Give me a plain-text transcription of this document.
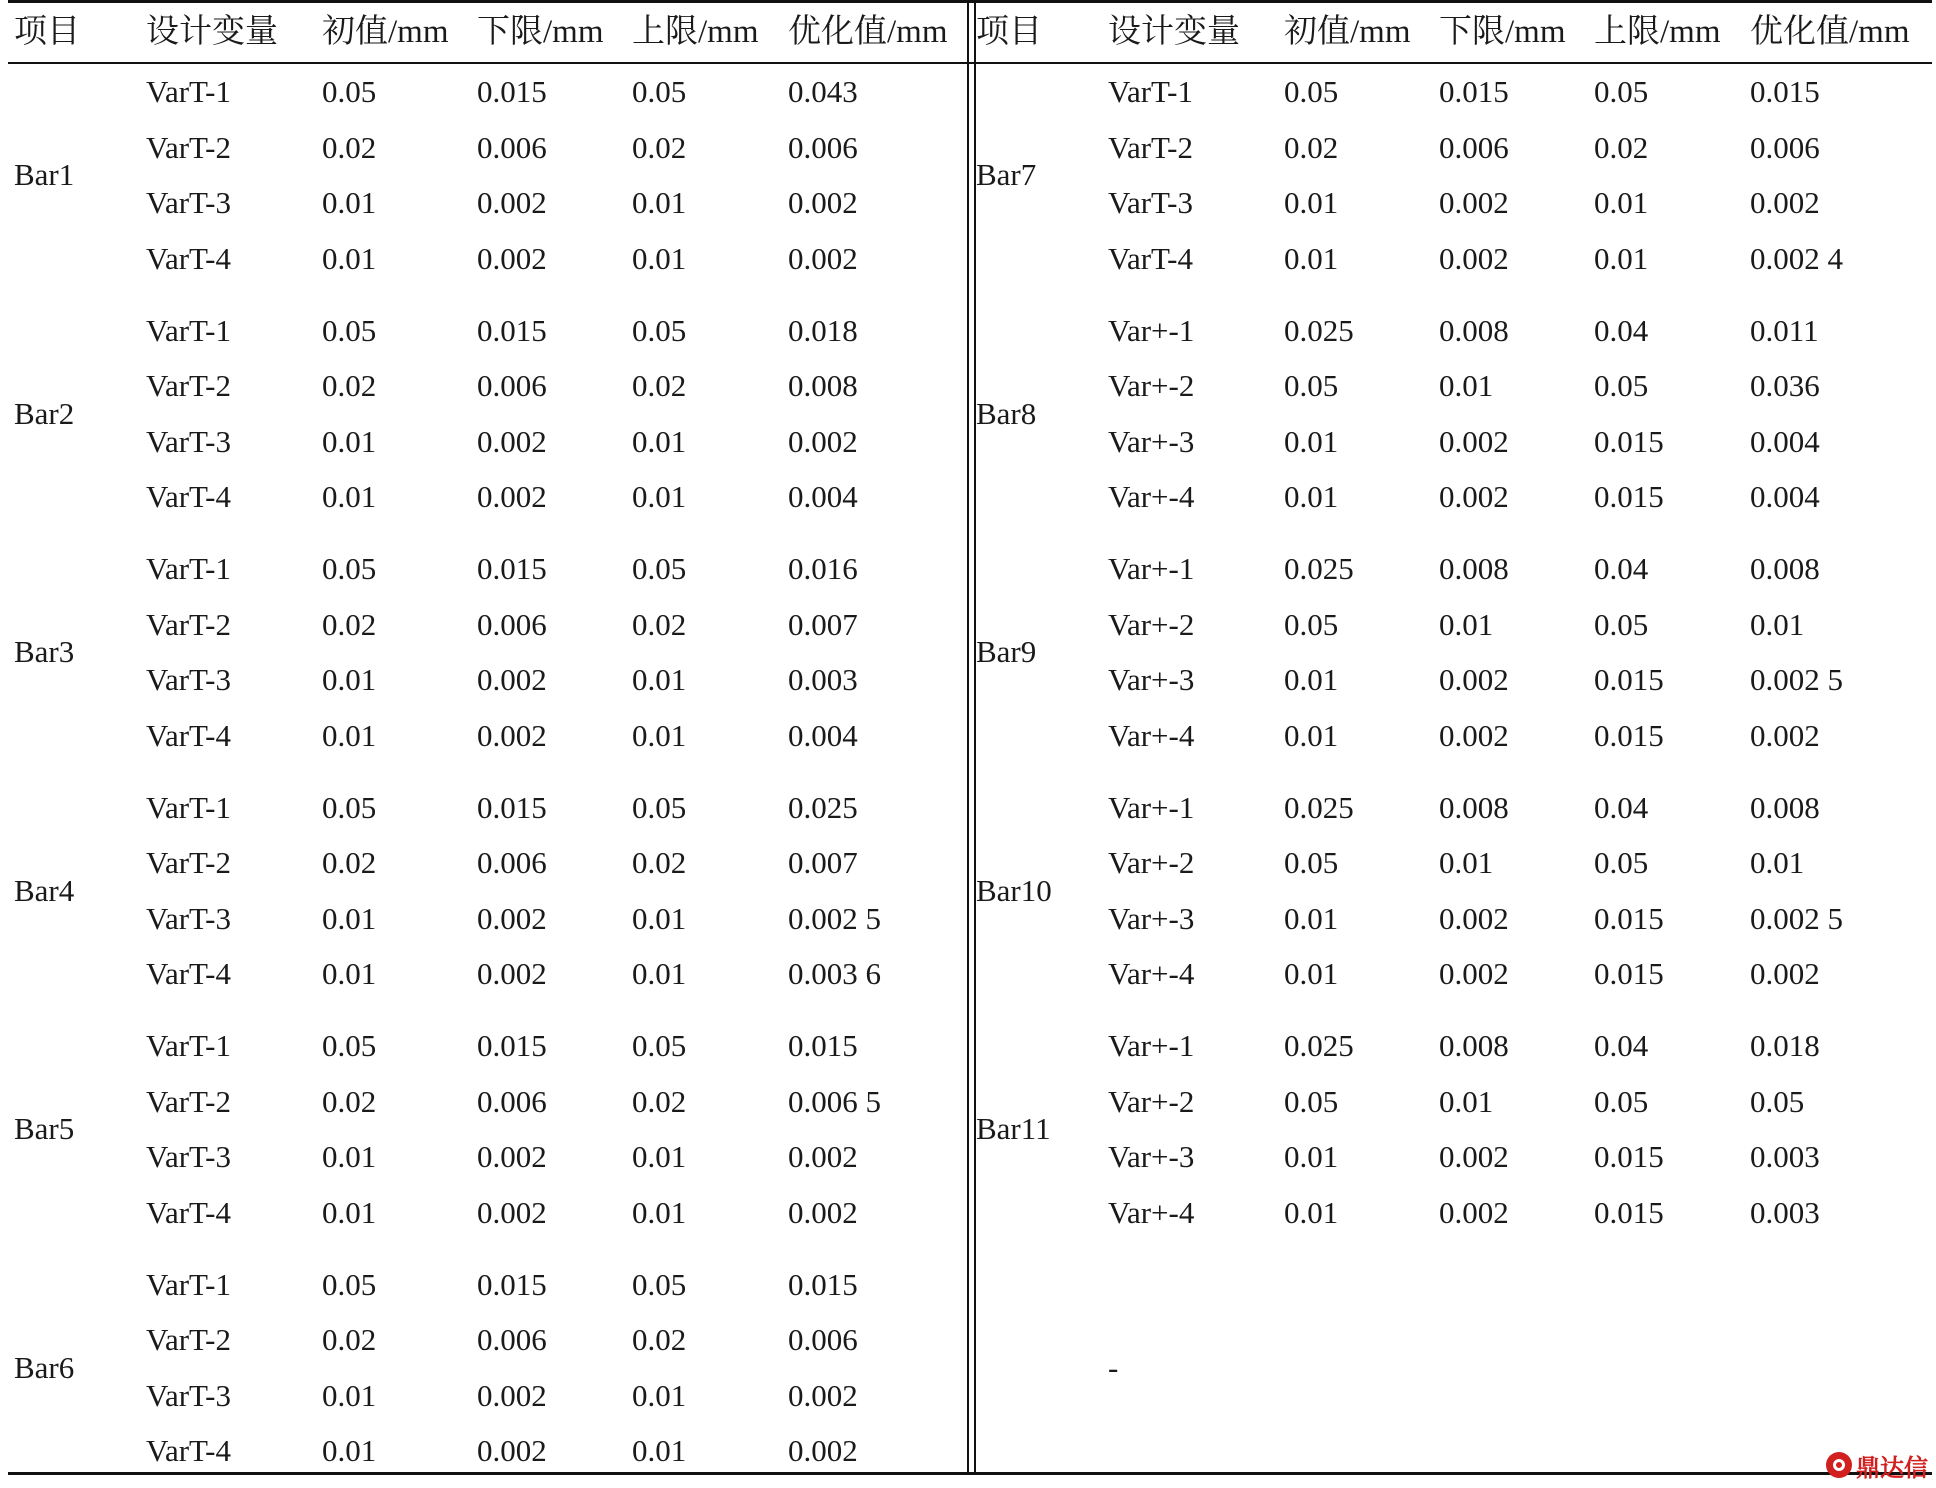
项目 设计变量 初值/mm 下限/mm 上限/mm 优化值/mm
Bar1
VarT-1	0.05	0.015	0.05	0.043
VarT-2	0.02	0.006	0.02	0.006
VarT-3	0.01	0.002	0.01	0.002
VarT-4	0.01	0.002	0.01	0.002
Bar2
VarT-1	0.05	0.015	0.05	0.018
VarT-2	0.02	0.006	0.02	0.008
VarT-3	0.01	0.002	0.01	0.002
VarT-4	0.01	0.002	0.01	0.004
Bar3
VarT-1	0.05	0.015	0.05	0.016
VarT-2	0.02	0.006	0.02	0.007
VarT-3	0.01	0.002	0.01	0.003
VarT-4	0.01	0.002	0.01	0.004
Bar4
VarT-1	0.05	0.015	0.05	0.025
VarT-2	0.02	0.006	0.02	0.007
VarT-3	0.01	0.002	0.01	0.002 5
VarT-4	0.01	0.002	0.01	0.003 6
Bar5
VarT-1	0.05	0.015	0.05	0.015
VarT-2	0.02	0.006	0.02	0.006 5
VarT-3	0.01	0.002	0.01	0.002
VarT-4	0.01	0.002	0.01	0.002
Bar6
VarT-1	0.05	0.015	0.05	0.015
VarT-2	0.02	0.006	0.02	0.006
VarT-3	0.01	0.002	0.01	0.002
VarT-4	0.01	0.002	0.01	0.002
项目 设计变量 初值/mm 下限/mm 上限/mm 优化值/mm
Bar7
VarT-1	0.05	0.015	0.05	0.015
VarT-2	0.02	0.006	0.02	0.006
VarT-3	0.01	0.002	0.01	0.002
VarT-4	0.01	0.002	0.01	0.002 4
Bar8
Var+-1	0.025	0.008	0.04	0.011
Var+-2	0.05	0.01	0.05	0.036
Var+-3	0.01	0.002	0.015	0.004
Var+-4	0.01	0.002	0.015	0.004
Bar9
Var+-1	0.025	0.008	0.04	0.008
Var+-2	0.05	0.01	0.05	0.01
Var+-3	0.01	0.002	0.015	0.002 5
Var+-4	0.01	0.002	0.015	0.002
Bar10
Var+-1	0.025	0.008	0.04	0.008
Var+-2	0.05	0.01	0.05	0.01
Var+-3	0.01	0.002	0.015	0.002 5
Var+-4	0.01	0.002	0.015	0.002
Bar11
Var+-1	0.025	0.008	0.04	0.018
Var+-2	0.05	0.01	0.05	0.05
Var+-3	0.01	0.002	0.015	0.003
Var+-4	0.01	0.002	0.015	0.003
-
鼎达信
